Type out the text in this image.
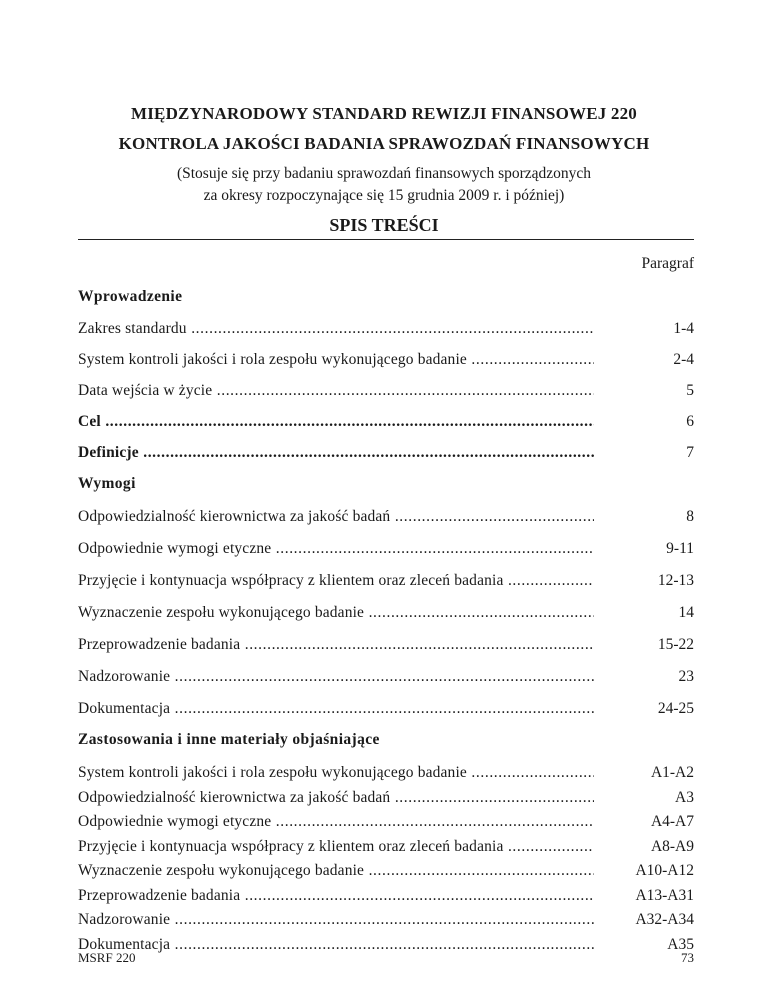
MIĘDZYNARODOWY STANDARD REWIZJI FINANSOWEJ 220
KONTROLA JAKOŚCI BADANIA SPRAWOZDAŃ FINANSOWYCH
(Stosuje się przy badaniu sprawozdań finansowych sporządzonych
za okresy rozpoczynające się 15 grudnia 2009 r. i później)
SPIS TREŚCI
Paragraf
Wprowadzenie
Zakres standardu .....	1-4
System kontroli jakości i rola zespołu wykonującego badanie .....	2-4
Data wejścia w życie .....	5
Cel .....	6
Definicje .....	7
Wymogi
Odpowiedzialność kierownictwa za jakość badań .....	8
Odpowiednie wymogi etyczne .....	9-11
Przyjęcie i kontynuacja współpracy z klientem oraz zleceń badania .....	12-13
Wyznaczenie zespołu wykonującego badanie .....	14
Przeprowadzenie badania .....	15-22
Nadzorowanie .....	23
Dokumentacja .....	24-25
Zastosowania i inne materiały objaśniające
System kontroli jakości i rola zespołu wykonującego badanie .....	A1-A2
Odpowiedzialność kierownictwa za jakość badań .....	A3
Odpowiednie wymogi etyczne .....	A4-A7
Przyjęcie i kontynuacja współpracy z klientem oraz zleceń badania .....	A8-A9
Wyznaczenie zespołu wykonującego badanie .....	A10-A12
Przeprowadzenie badania .....	A13-A31
MSRF 220	73
Nadzorowanie .....	A32-A34
Dokumentacja .....	A35
